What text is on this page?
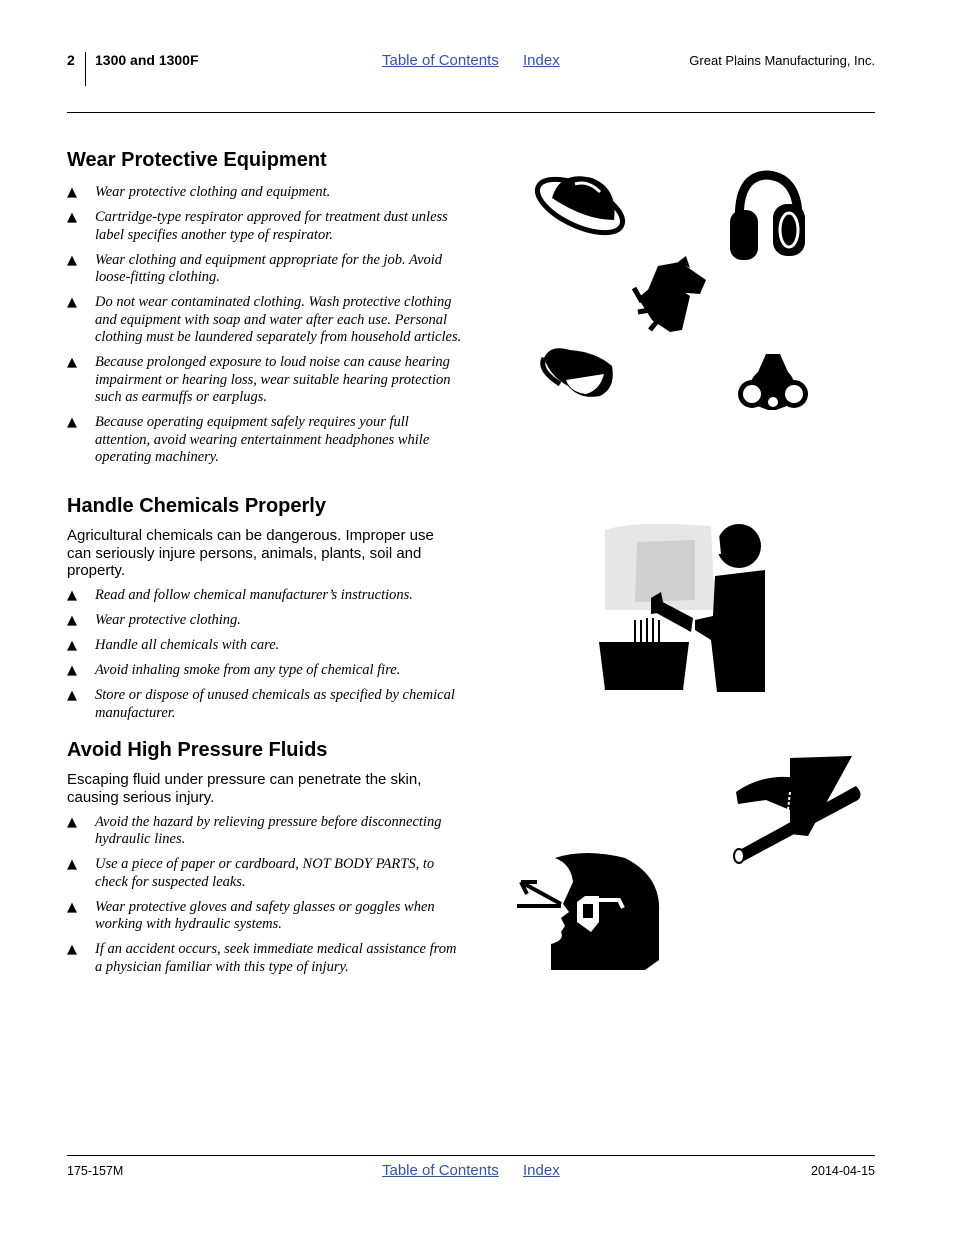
2 1300 and 1300F	Table of Contents Index	Great Plains Manufacturing, Inc.
Wear Protective Equipment
▲ Wear protective clothing and equipment.
▲ Cartridge-type respirator approved for treatment dust unless label specifies another type of respirator.
▲ Wear clothing and equipment appropriate for the job. Avoid loose-fitting clothing.
▲ Do not wear contaminated clothing. Wash protective clothing and equipment with soap and water after each use. Personal clothing must be laundered separately from household articles.
▲ Because prolonged exposure to loud noise can cause hearing impairment or hearing loss, wear suitable hearing protection such as earmuffs or earplugs.
▲ Because operating equipment safely requires your full attention, avoid wearing entertainment headphones while operating machinery.
Handle Chemicals Properly
Agricultural chemicals can be dangerous. Improper use can seriously injure persons, animals, plants, soil and property.
▲ Read and follow chemical manufacturer’s instructions.
▲ Wear protective clothing.
▲ Handle all chemicals with care.
▲ Avoid inhaling smoke from any type of chemical fire.
▲ Store or dispose of unused chemicals as specified by chemical manufacturer.
Avoid High Pressure Fluids
Escaping fluid under pressure can penetrate the skin, causing serious injury.
▲ Avoid the hazard by relieving pressure before disconnecting hydraulic lines.
▲ Use a piece of paper or cardboard, NOT BODY PARTS, to check for suspected leaks.
▲ Wear protective gloves and safety glasses or goggles when working with hydraulic systems.
▲ If an accident occurs, seek immediate medical assistance from a physician familiar with this type of injury.
175-157M	Table of Contents Index	2014-04-15
